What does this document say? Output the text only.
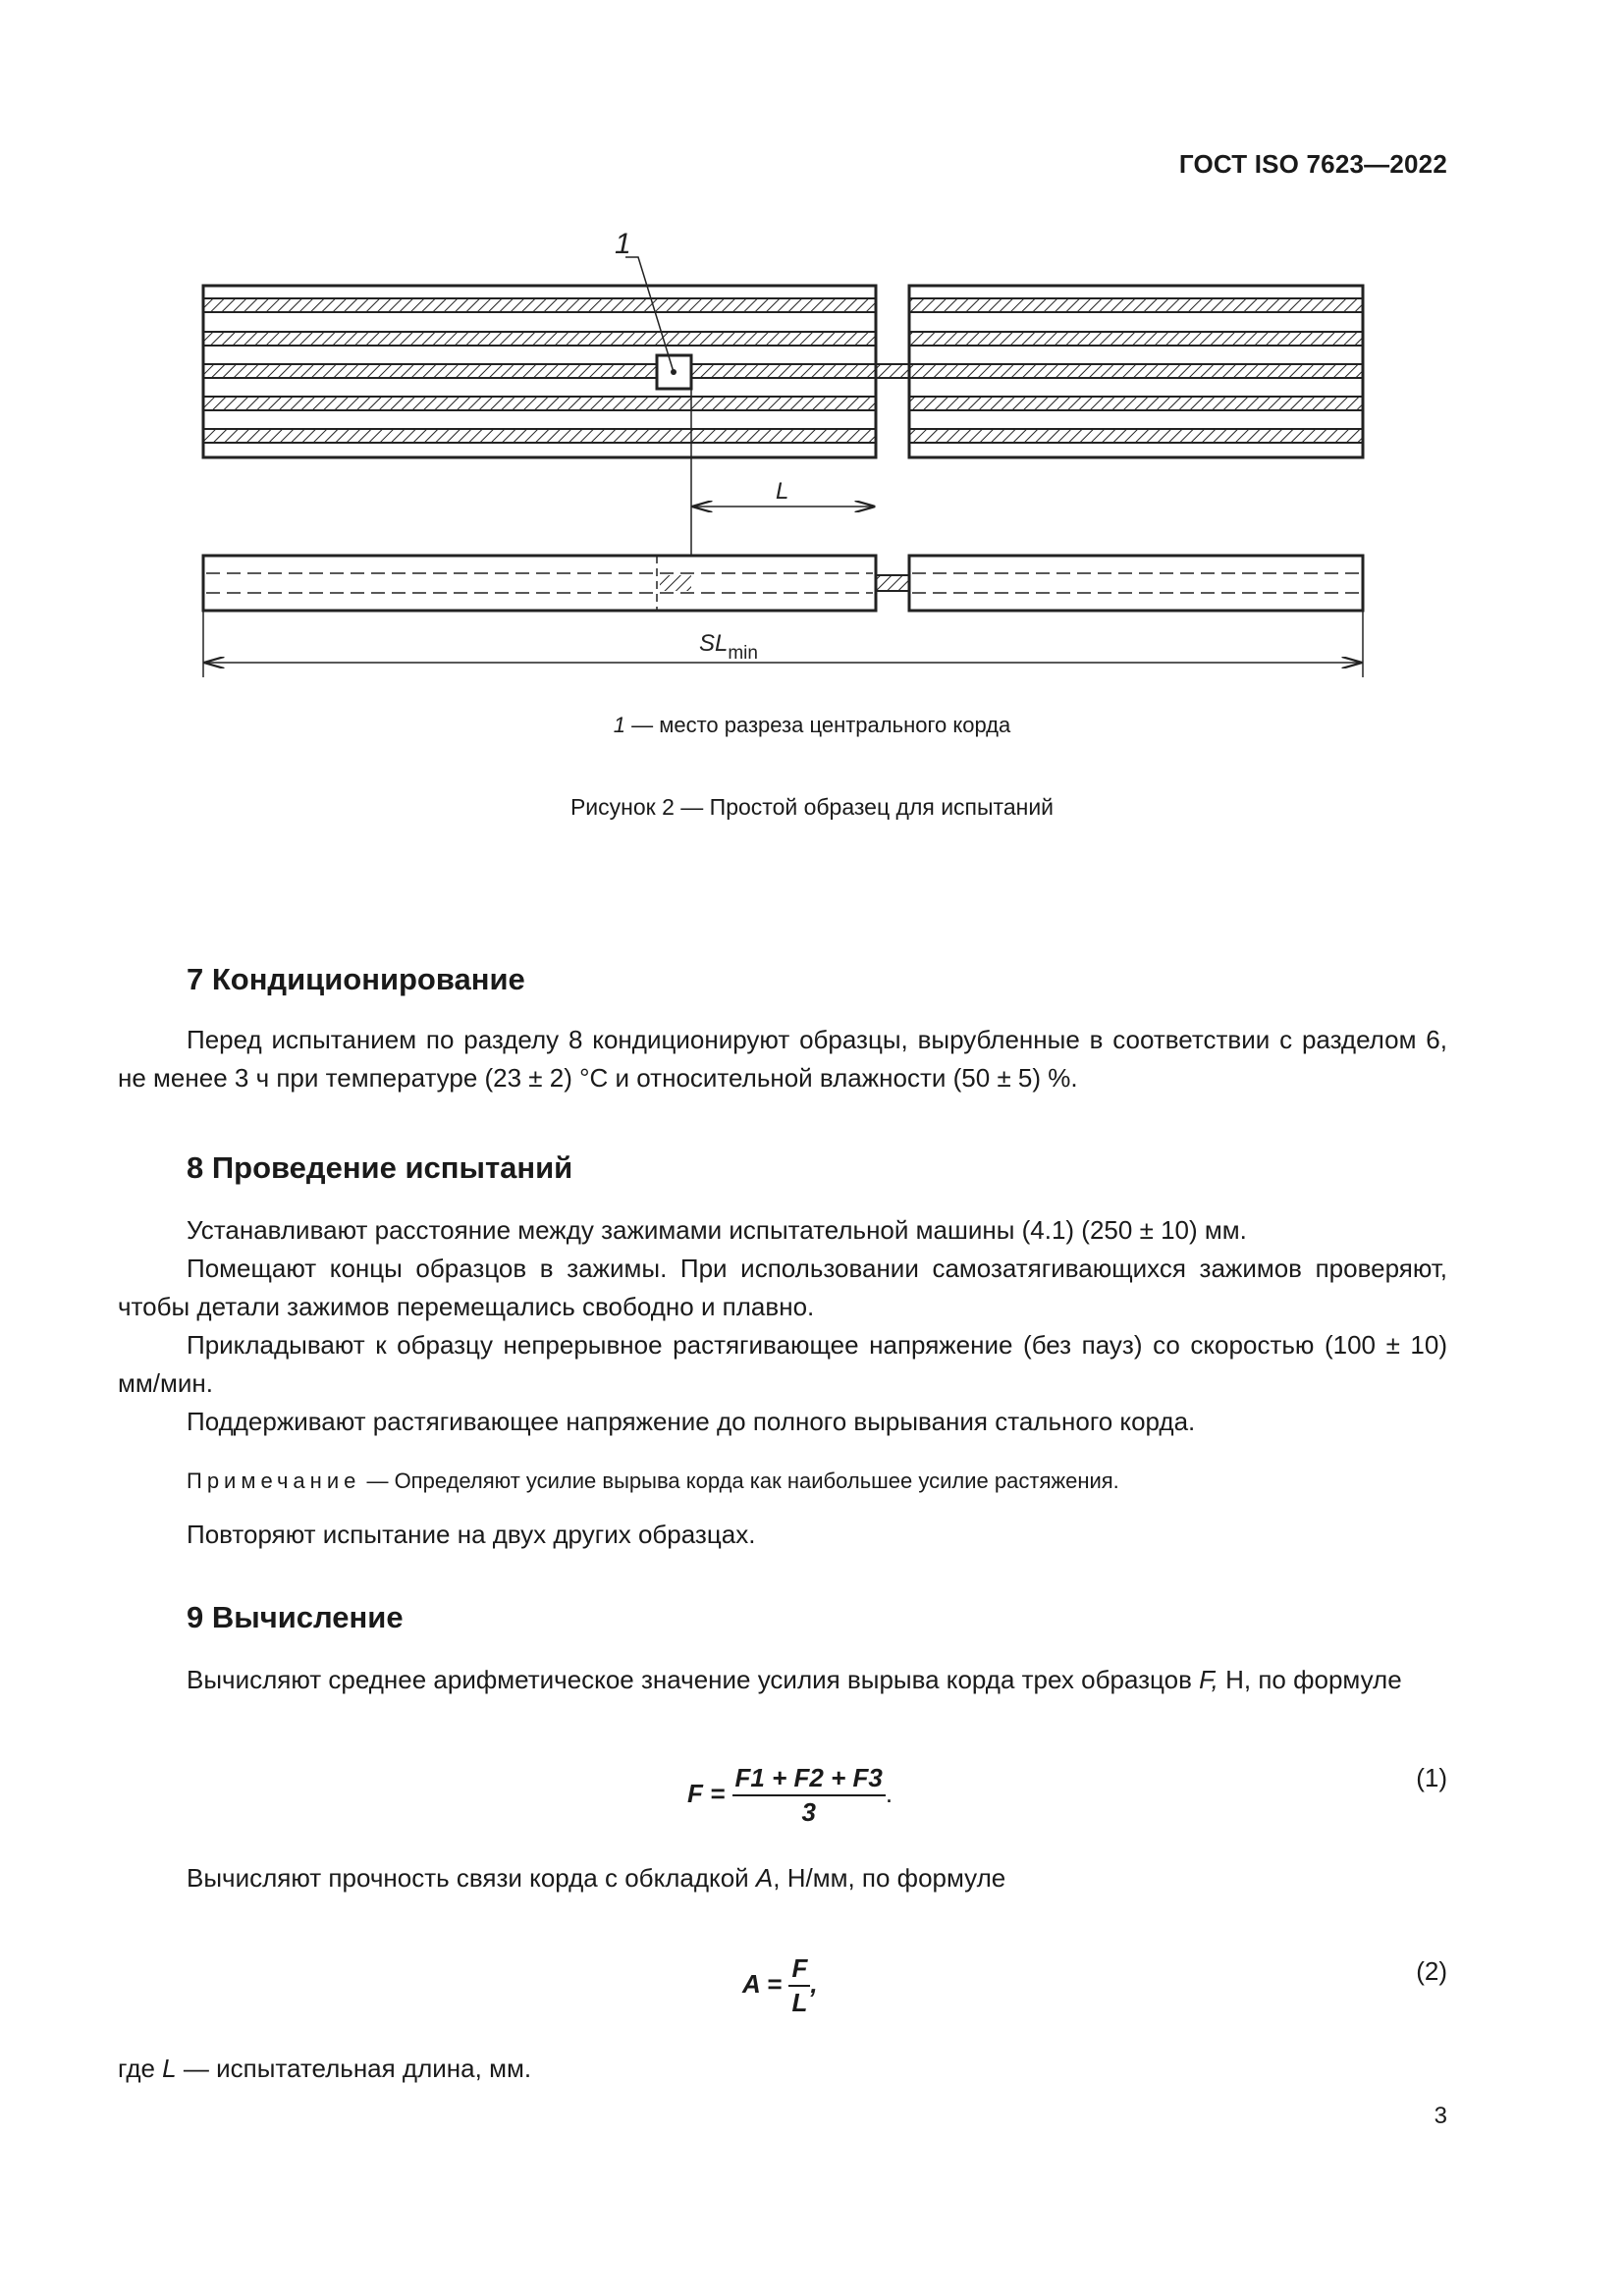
ГОСТ ISO 7623—2022
1
L
$SL_{min}$
1 — место разреза центрального корда
Рисунок 2 — Простой образец для испытаний
7 Кондиционирование
Перед испытанием по разделу 8 кондиционируют образцы, вырубленные в соответствии с разделом 6, не менее 3 ч при температуре (23 ± 2) °С и относительной влажности (50 ± 5) %.
8 Проведение испытаний
Устанавливают расстояние между зажимами испытательной машины (4.1) (250 ± 10) мм.
Помещают концы образцов в зажимы. При использовании самозатягивающихся зажимов проверяют, чтобы детали зажимов перемещались свободно и плавно.
Прикладывают к образцу непрерывное растягивающее напряжение (без пауз) со скоростью (100 ± 10) мм/мин.
Поддерживают растягивающее напряжение до полного вырывания стального корда.
Примечание — Определяют усилие вырыва корда как наибольшее усилие растяжения.
Повторяют испытание на двух других образцах.
9 Вычисление
Вычисляют среднее арифметическое значение усилия вырыва корда трех образцов F, Н, по формуле
$F = \frac{F1 + F2 + F3}{3}$ .
(1)
Вычисляют прочность связи корда с обкладкой A, Н/мм, по формуле
$A = \frac{F}{L}$ ,	(2)
где L — испытательная длина, мм.
3
